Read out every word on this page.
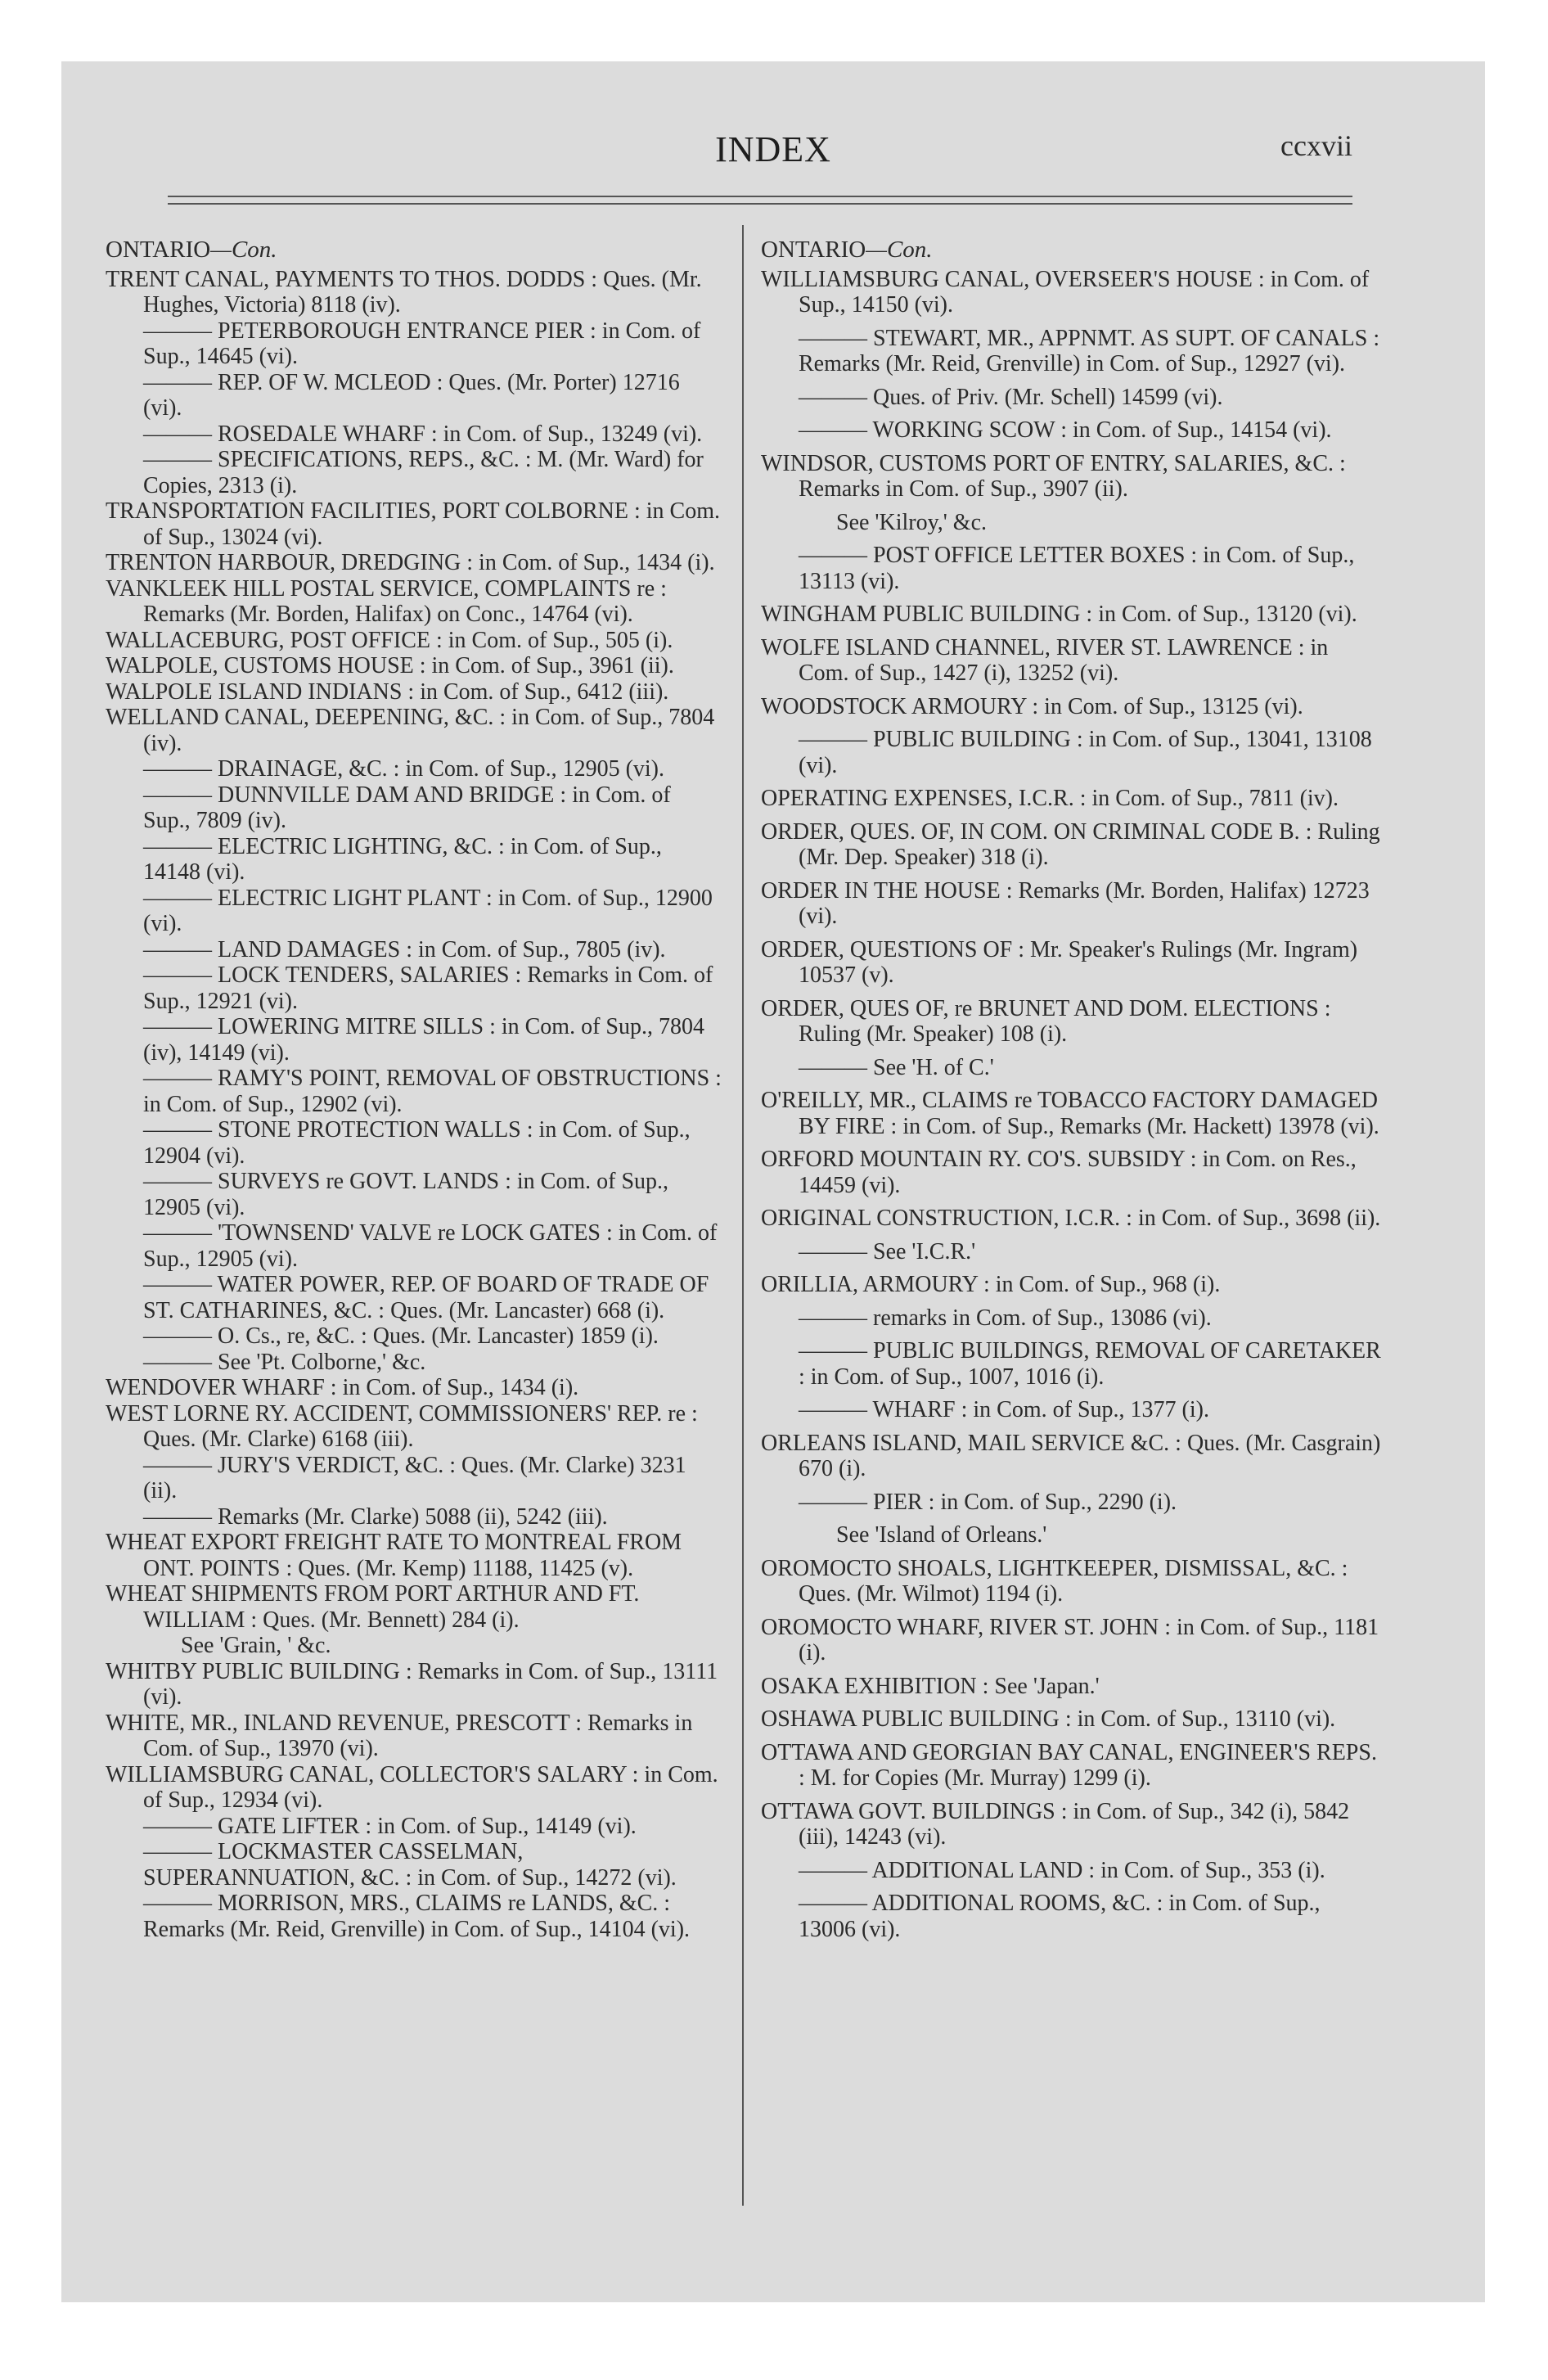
INDEX	ccxvii
ONTARIO—Con.
TRENT CANAL, PAYMENTS TO THOS. DODDS : Ques. (Mr. Hughes, Victoria) 8118 (iv).
——— PETERBOROUGH ENTRANCE PIER : in Com. of Sup., 14645 (vi).
——— REP. OF W. MCLEOD : Ques. (Mr. Porter) 12716 (vi).
——— ROSEDALE WHARF : in Com. of Sup., 13249 (vi).
——— SPECIFICATIONS, REPS., &C. : M. (Mr. Ward) for Copies, 2313 (i).
TRANSPORTATION FACILITIES, PORT COLBORNE : in Com. of Sup., 13024 (vi).
TRENTON HARBOUR, DREDGING : in Com. of Sup., 1434 (i).
VANKLEEK HILL POSTAL SERVICE, COMPLAINTS re : Remarks (Mr. Borden, Halifax) on Conc., 14764 (vi).
WALLACEBURG, POST OFFICE : in Com. of Sup., 505 (i).
WALPOLE, CUSTOMS HOUSE : in Com. of Sup., 3961 (ii).
WALPOLE ISLAND INDIANS : in Com. of Sup., 6412 (iii).
WELLAND CANAL, DEEPENING, &C. : in Com. of Sup., 7804 (iv).
——— DRAINAGE, &C. : in Com. of Sup., 12905 (vi).
——— DUNNVILLE DAM AND BRIDGE : in Com. of Sup., 7809 (iv).
——— ELECTRIC LIGHTING, &C. : in Com. of Sup., 14148 (vi).
——— ELECTRIC LIGHT PLANT : in Com. of Sup., 12900 (vi).
——— LAND DAMAGES : in Com. of Sup., 7805 (iv).
——— LOCK TENDERS, SALARIES : Remarks in Com. of Sup., 12921 (vi).
——— LOWERING MITRE SILLS : in Com. of Sup., 7804 (iv), 14149 (vi).
——— RAMY'S POINT, REMOVAL OF OBSTRUCTIONS : in Com. of Sup., 12902 (vi).
——— STONE PROTECTION WALLS : in Com. of Sup., 12904 (vi).
——— SURVEYS re GOVT. LANDS : in Com. of Sup., 12905 (vi).
——— 'TOWNSEND' VALVE re LOCK GATES : in Com. of Sup., 12905 (vi).
——— WATER POWER, REP. OF BOARD OF TRADE OF ST. CATHARINES, &C. : Ques. (Mr. Lancaster) 668 (i).
——— O. Cs., re, &C. : Ques. (Mr. Lancaster) 1859 (i).
——— See 'Pt. Colborne,' &c.
WENDOVER WHARF : in Com. of Sup., 1434 (i).
WEST LORNE RY. ACCIDENT, COMMISSIONERS' REP. re : Ques. (Mr. Clarke) 6168 (iii).
——— JURY'S VERDICT, &C. : Ques. (Mr. Clarke) 3231 (ii).
——— Remarks (Mr. Clarke) 5088 (ii), 5242 (iii).
WHEAT EXPORT FREIGHT RATE TO MONTREAL FROM ONT. POINTS : Ques. (Mr. Kemp) 11188, 11425 (v).
WHEAT SHIPMENTS FROM PORT ARTHUR AND FT. WILLIAM : Ques. (Mr. Bennett) 284 (i).
See 'Grain, ' &c.
WHITBY PUBLIC BUILDING : Remarks in Com. of Sup., 13111 (vi).
WHITE, MR., INLAND REVENUE, PRESCOTT : Remarks in Com. of Sup., 13970 (vi).
WILLIAMSBURG CANAL, COLLECTOR'S SALARY : in Com. of Sup., 12934 (vi).
——— GATE LIFTER : in Com. of Sup., 14149 (vi).
——— LOCKMASTER CASSELMAN, SUPERANNUATION, &C. : in Com. of Sup., 14272 (vi).
——— MORRISON, MRS., CLAIMS re LANDS, &C. : Remarks (Mr. Reid, Grenville) in Com. of Sup., 14104 (vi).
ONTARIO—Con.
WILLIAMSBURG CANAL, OVERSEER'S HOUSE : in Com. of Sup., 14150 (vi).
——— STEWART, MR., APPNMT. AS SUPT. OF CANALS : Remarks (Mr. Reid, Grenville) in Com. of Sup., 12927 (vi).
——— Ques. of Priv. (Mr. Schell) 14599 (vi).
——— WORKING SCOW : in Com. of Sup., 14154 (vi).
WINDSOR, CUSTOMS PORT OF ENTRY, SALARIES, &C. : Remarks in Com. of Sup., 3907 (ii).
See 'Kilroy,' &c.
——— POST OFFICE LETTER BOXES : in Com. of Sup., 13113 (vi).
WINGHAM PUBLIC BUILDING : in Com. of Sup., 13120 (vi).
WOLFE ISLAND CHANNEL, RIVER ST. LAWRENCE : in Com. of Sup., 1427 (i), 13252 (vi).
WOODSTOCK ARMOURY : in Com. of Sup., 13125 (vi).
——— PUBLIC BUILDING : in Com. of Sup., 13041, 13108 (vi).
OPERATING EXPENSES, I.C.R. : in Com. of Sup., 7811 (iv).
ORDER, QUES. OF, IN COM. ON CRIMINAL CODE B. : Ruling (Mr. Dep. Speaker) 318 (i).
ORDER IN THE HOUSE : Remarks (Mr. Borden, Halifax) 12723 (vi).
ORDER, QUESTIONS OF : Mr. Speaker's Rulings (Mr. Ingram) 10537 (v).
ORDER, QUES OF, re BRUNET AND DOM. ELECTIONS : Ruling (Mr. Speaker) 108 (i).
——— See 'H. of C.'
O'REILLY, MR., CLAIMS re TOBACCO FACTORY DAMAGED BY FIRE : in Com. of Sup., Remarks (Mr. Hackett) 13978 (vi).
ORFORD MOUNTAIN RY. CO'S. SUBSIDY : in Com. on Res., 14459 (vi).
ORIGINAL CONSTRUCTION, I.C.R. : in Com. of Sup., 3698 (ii).
——— See 'I.C.R.'
ORILLIA, ARMOURY : in Com. of Sup., 968 (i).
——— remarks in Com. of Sup., 13086 (vi).
——— PUBLIC BUILDINGS, REMOVAL OF CARETAKER : in Com. of Sup., 1007, 1016 (i).
——— WHARF : in Com. of Sup., 1377 (i).
ORLEANS ISLAND, MAIL SERVICE &C. : Ques. (Mr. Casgrain) 670 (i).
——— PIER : in Com. of Sup., 2290 (i).
See 'Island of Orleans.'
OROMOCTO SHOALS, LIGHTKEEPER, DISMISSAL, &C. : Ques. (Mr. Wilmot) 1194 (i).
OROMOCTO WHARF, RIVER ST. JOHN : in Com. of Sup., 1181 (i).
OSAKA EXHIBITION : See 'Japan.'
OSHAWA PUBLIC BUILDING : in Com. of Sup., 13110 (vi).
OTTAWA AND GEORGIAN BAY CANAL, ENGINEER'S REPS. : M. for Copies (Mr. Murray) 1299 (i).
OTTAWA GOVT. BUILDINGS : in Com. of Sup., 342 (i), 5842 (iii), 14243 (vi).
——— ADDITIONAL LAND : in Com. of Sup., 353 (i).
——— ADDITIONAL ROOMS, &C. : in Com. of Sup., 13006 (vi).
